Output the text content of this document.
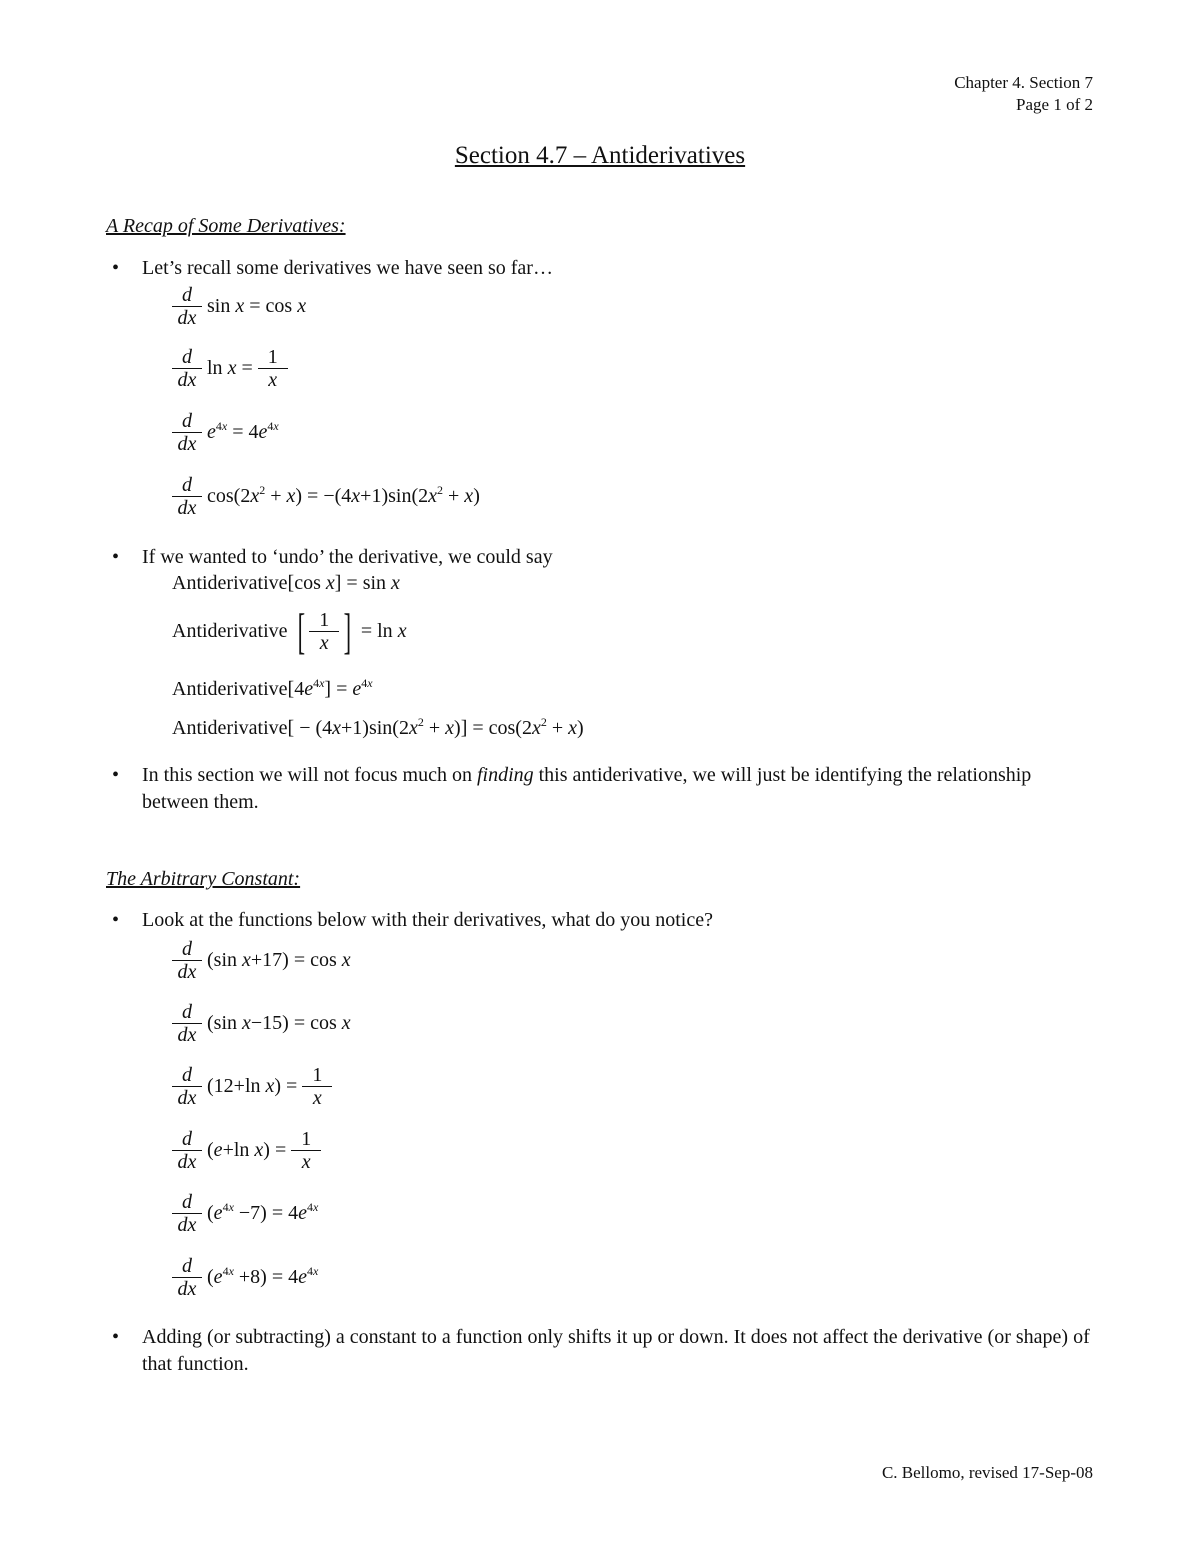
Chapter 4. Section 7
Page 1 of 2
Section 4.7 – Antiderivatives
A Recap of Some Derivatives:
• Let’s recall some derivatives we have seen so far…
$\frac{d}{dx}$ sin x = cos x
$\frac{d}{dx}$ $\ln x = \frac{1}{x}$
$\frac{d}{dx} e^{4x} = 4e^{4x}$
$\frac{d}{dx} \cos(2x^2 + x) = -(4x+1)\sin(2x^2 + x)$
• If we wanted to ‘undo’ the derivative, we could say
Antiderivative[cos x] = sin x
Antiderivative [ $\frac{1}{x}$ ] = ln x
$Antiderivative[4e^{4x}] = e^{4x}$
Antiderivative[ − $(4x+1)\sin(2x^2 + x)] = \cos(2x^2 + x)$
• In this section we will not focus much on finding this antiderivative, we will just be identifying the relationship between them.
The Arbitrary Constant:
• Look at the functions below with their derivatives, what do you notice?
$\frac{d}{dx} (\sin$ x+17) = cos x
$\frac{d}{dx} (\sin$ x−15) = cos x
$\frac{d}{dx} (12+\ln$ $x) = \frac{1}{x}$
$\frac{d}{dx} (e+\ln$ $x) = \frac{1}{x}$
$\frac{d}{dx} (e^{4x} -7) = 4e^{4x}$
$\frac{d}{dx} (e^{4x} +8) = 4e^{4x}$
• Adding (or subtracting) a constant to a function only shifts it up or down. It does not affect the derivative (or shape) of that function.
C. Bellomo, revised 17-Sep-08
